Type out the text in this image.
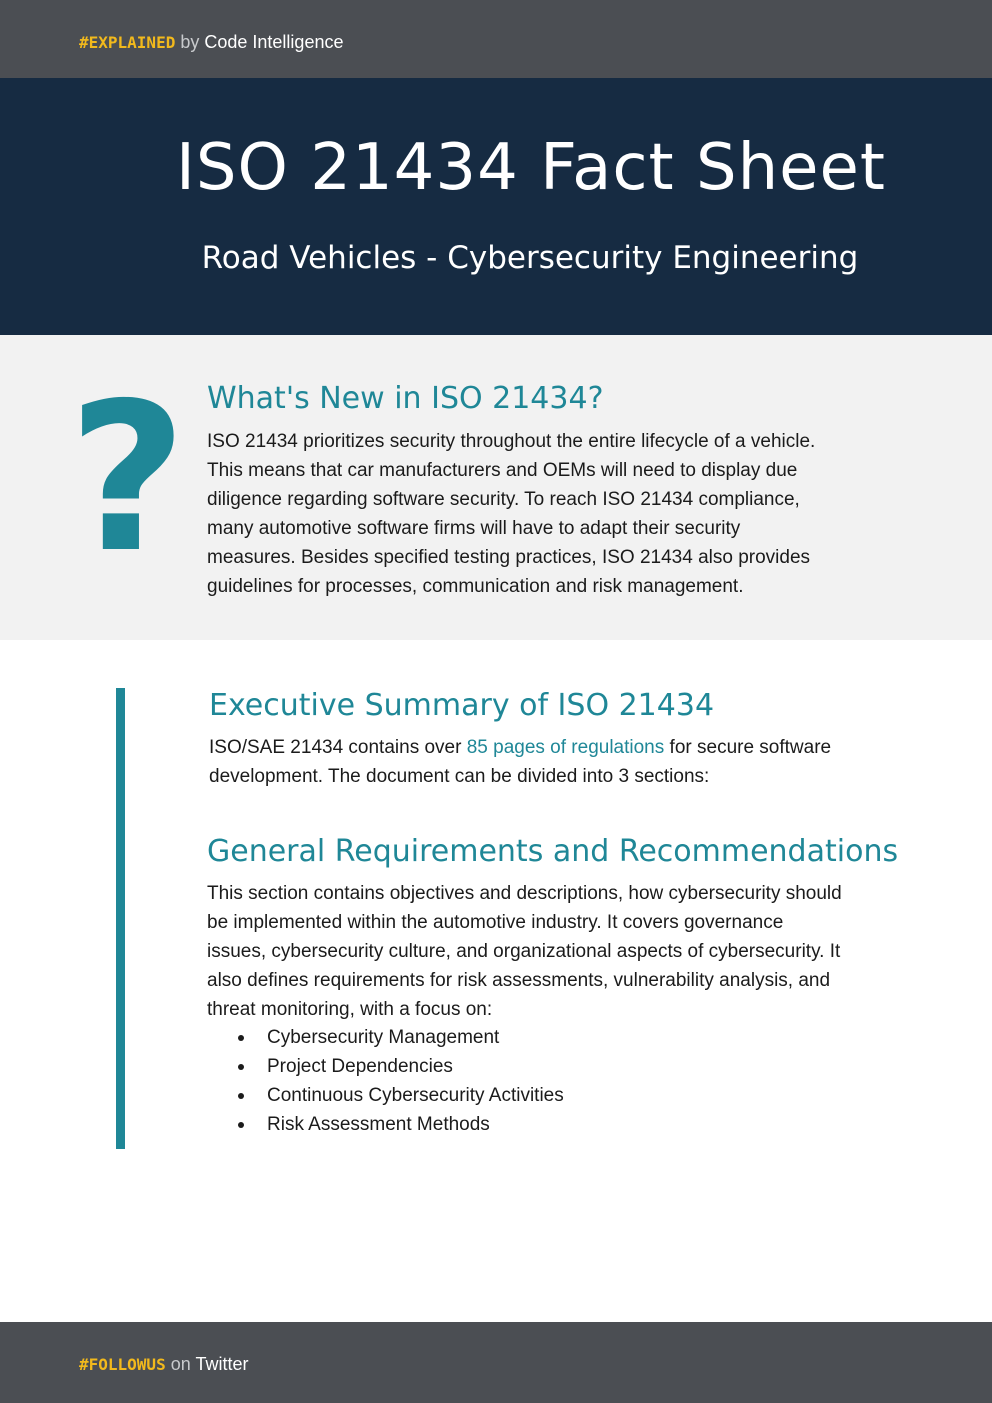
#EXPLAINED by Code Intelligence
ISO 21434 Fact Sheet
Road Vehicles - Cybersecurity Engineering
? What's New in ISO 21434?

ISO 21434 prioritizes security throughout the entire lifecycle of a vehicle.
This means that car manufacturers and OEMs will need to display due
diligence regarding software security. To reach ISO 21434 compliance,
many automotive software firms will have to adapt their security
measures. Besides specified testing practices, ISO 21434 also provides
guidelines for processes, communication and risk management.

Executive Summary of ISO 21434

ISO/SAE 21434 contains over 85 pages of regulations for secure software
development. The document can be divided into 3 sections:

General Requirements and Recommendations

This section contains objectives and descriptions, how cybersecurity should
be implemented within the automotive industry. It covers governance
issues, cybersecurity culture, and organizational aspects of cybersecurity. It
also defines requirements for risk assessments, vulnerability analysis, and
threat monitoring, with a focus on:

Cybersecurity Management
Project Dependencies
Continuous Cybersecurity Activities
Risk Assessment Methods
#FOLLOWUS on Twitter
